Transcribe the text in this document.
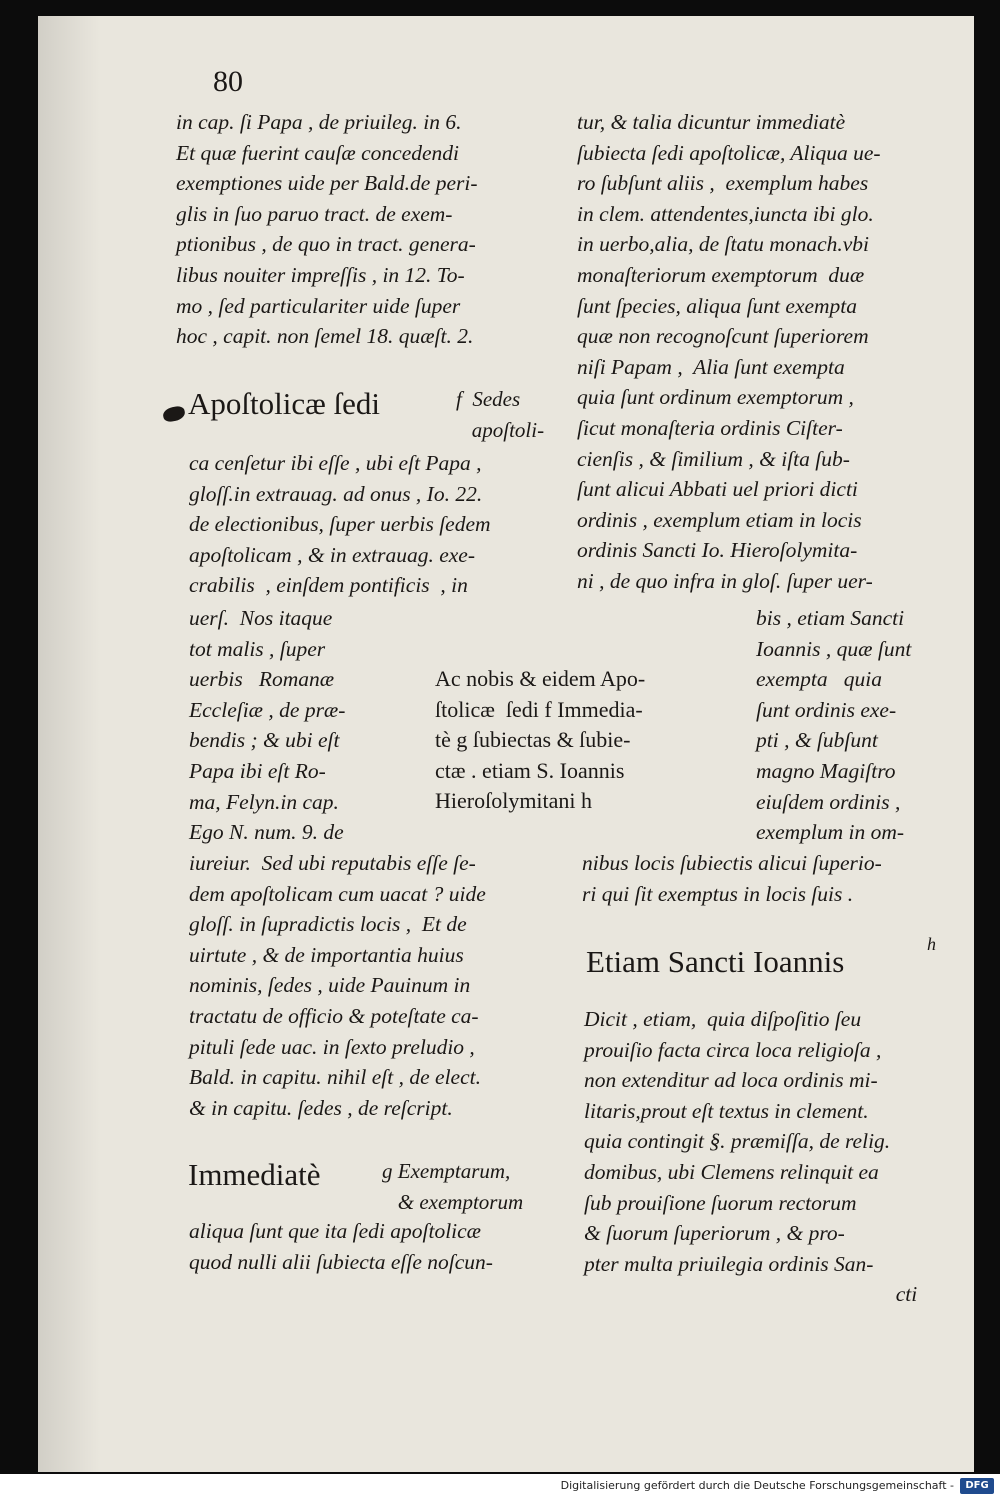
80
in cap. ſi Papa , de priuileg. in 6.
Et quæ fuerint cauſæ concedendi
exemptiones uide per Bald.de peri-
glis in ſuo paruo tract. de exem-
ptionibus , de quo in tract. genera-
libus nouiter impreſſis , in 12. To-
mo , ſed particulariter uide ſuper
hoc , capit. non ſemel 18. quæſt. 2.
Apoſtolicæ ſedi	f  Sedes
apoſtoli-
ca cenſetur ibi eſſe , ubi eſt Papa ,
gloſſ.in extrauag. ad onus , Io. 22.
de electionibus, ſuper uerbis ſedem
apoſtolicam , & in extrauag. exe-
crabilis  , einſdem pontificis  , in
uerſ.  Nos itaque
tot malis , ſuper
uerbis   Romanæ
Eccleſiæ , de præ-
bendis ; & ubi eſt
Papa ibi eſt Ro-
ma, Felyn.in cap.
Ego N. num. 9. de
iureiur.  Sed ubi reputabis eſſe ſe-
dem apoſtolicam cum uacat ? uide
gloſſ. in ſupradictis locis ,  Et de
uirtute , & de importantia huius
nominis, ſedes , uide Pauinum in
tractatu de officio & poteſtate ca-
pituli ſede uac. in ſexto preludio ,
Bald. in capitu. nihil eſt , de elect.
& in capitu. ſedes , de reſcript.
Immediatè	g Exemptarum,
& exemptorum
aliqua ſunt que ita ſedi apoſtolicæ
quod nulli alii ſubiecta eſſe noſcun-
Ac nobis & eidem Apo-
ſtolicæ  ſedi f Immedia-
tè g ſubiectas & ſubie-
ctæ . etiam S. Ioannis
Hieroſolymitani h
tur, & talia dicuntur immediatè
ſubiecta ſedi apoſtolicæ, Aliqua ue-
ro ſubſunt aliis ,  exemplum habes
in clem. attendentes,iuncta ibi glo.
in uerbo,alia, de ſtatu monach.vbi
monaſteriorum exemptorum  duæ
ſunt ſpecies, aliqua ſunt exempta
quæ non recognoſcunt ſuperiorem
niſi Papam ,  Alia ſunt exempta
quia ſunt ordinum exemptorum ,
ſicut monaſteria ordinis Ciſter-
cienſis , & ſimilium , & iſta ſub-
ſunt alicui Abbati uel priori dicti
ordinis , exemplum etiam in locis
ordinis Sancti Io. Hieroſolymita-
ni , de quo infra in gloſ. ſuper uer-
bis , etiam Sancti
Ioannis , quæ ſunt
exempta   quia
ſunt ordinis exe-
pti , & ſubſunt
magno Magiſtro
eiuſdem ordinis ,
exemplum in om-
nibus locis ſubiectis alicui ſuperio-
ri qui ſit exemptus in locis ſuis .
Etiam Sancti Ioannis	h
Dicit , etiam,  quia diſpoſitio ſeu
prouiſio facta circa loca religioſa ,
non extenditur ad loca ordinis mi-
litaris,prout eſt textus in clement.
quia contingit §. præmiſſa, de relig.
domibus, ubi Clemens relinquit ea
ſub prouiſione ſuorum rectorum
& ſuorum ſuperiorum , & pro-
pter multa priuilegia ordinis San-
cti
Digitalisierung gefördert durch die Deutsche Forschungsgemeinschaft -	DFG
